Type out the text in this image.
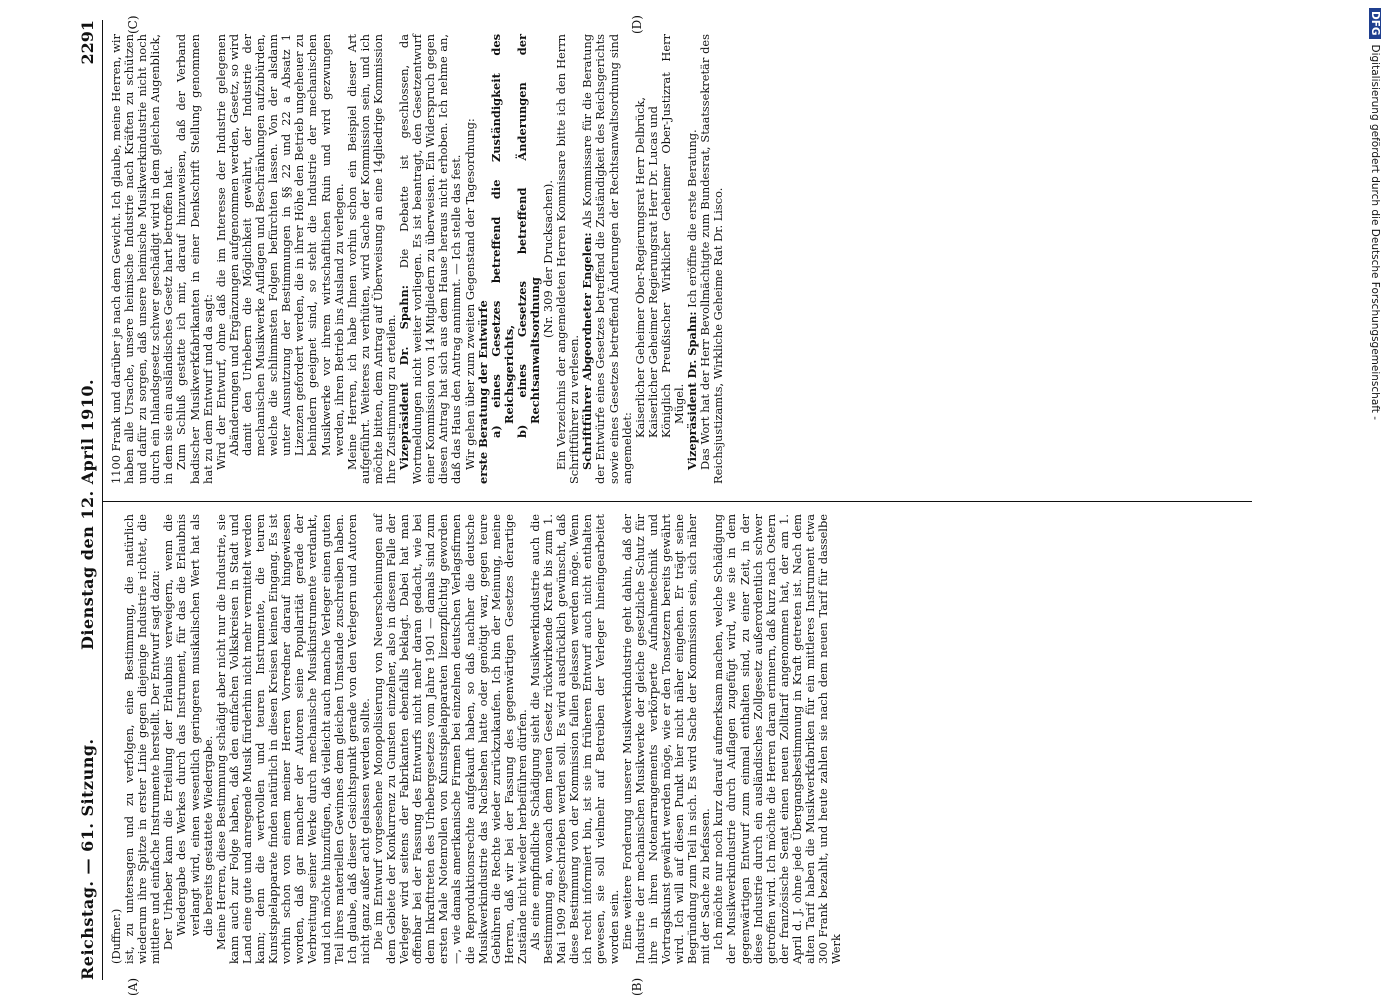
Reichstag. — 61. Sitzung.
Dienstag den 12. April 1910.
2291
(A)	(B)
(C)	(D)

(Duffner.) ist, zu untersagen und zu verfolgen, eine Bestimmung, die natürlich wiederum ihre Spitze in erster Linie gegen diejenige Industrie richtet, die mittlere und einfache Instrumente herstellt. Der Entwurf sagt dazu: Der Urheber kann die Erteilung der Erlaubnis verweigern, wenn die Wiedergabe des Werkes durch das Instrument, für das die Erlaubnis verlangt wird, einen wesentlich geringeren musikalischen Wert hat als die bereits gestattete Wiedergabe. Meine Herren, diese Bestimmung schädigt aber nicht nur die Industrie, sie kann auch zur Folge haben, daß den einfachen Volkskreisen in Stadt und Land eine gute und anregende Musik fürderhin nicht mehr vermittelt werden kann; denn die wertvollen und teuren Instrumente, die teuren Kunstspielapparate finden natürlich in diesen Kreisen keinen Eingang. Es ist vorhin schon von einem meiner Herren Vorredner darauf hingewiesen worden, daß gar mancher der Autoren seine Popularität gerade der Verbreitung seiner Werke durch mechanische Musikinstrumente verdankt, und ich möchte hinzufügen, daß vielleicht auch manche Verleger einen guten Teil ihres materiellen Gewinnes dem gleichen Umstande zuschreiben haben. Ich glaube, daß dieser Gesichtspunkt gerade von den Verlegern und Autoren nicht ganz außer acht gelassen werden sollte. Die im Entwurf vorgesehene Monopolisierung von Neuerscheinungen auf dem Gebiete der Konkurrenz zu Gunsten einzelner, also in diesem Falle der Verleger wird seitens der Fabrikanten ebenfalls beklagt. Dabei hat man offenbar bei der Fassung des Entwurfs nicht mehr daran gedacht, wie bei dem Inkrafttreten des Urhebergesetzes vom Jahre 1901 — damals sind zum ersten Male Notenrollen von Kunstspielapparaten lizenzpflichtig geworden —, wie damals amerikanische Firmen bei einzelnen deutschen Verlagsfirmen die Reproduktionsrechte aufgekauft haben, so daß nachher die deutsche Musikwerkindustrie das Nachsehen hatte oder genötigt war, gegen teure Gebühren die Rechte wieder zurückzukaufen. Ich bin der Meinung, meine Herren, daß wir bei der Fassung des gegenwärtigen Gesetzes derartige Zustände nicht wieder herbeiführen dürfen. Als eine empfindliche Schädigung sieht die Musikwerkindustrie auch die Bestimmung an, wonach dem neuen Gesetz rückwirkende Kraft bis zum 1. Mai 1909 zugeschrieben werden soll. Es wird ausdrücklich gewünscht, daß diese Bestimmung von der Kommission fallen gelassen werden möge. Wenn ich recht informiert bin, ist sie im früheren Entwurf auch nicht enthalten gewesen, sie soll vielmehr auf Betreiben der Verleger hineingearbeitet worden sein. Eine weitere Forderung unserer Musikwerkindustrie geht dahin, daß der Industrie der mechanischen Musikwerke der gleiche gesetzliche Schutz für ihre in ihren Notenarrangements verkörperte Aufnahmetechnik und Vortragskunst gewährt werden möge, wie er den Tonsetzern bereits gewährt wird. Ich will auf diesen Punkt hier nicht näher eingehen. Er trägt seine Begründung zum Teil in sich. Es wird Sache der Kommission sein, sich näher mit der Sache zu befassen. Ich möchte nur noch kurz darauf aufmerksam machen, welche Schädigung der Musikwerkindustrie durch Auflagen zugefügt wird, wie sie in dem gegenwärtigen Entwurf zum einmal enthalten sind, zu einer Zeit, in der diese Industrie durch ein ausländisches Zollgesetz außerordentlich schwer getroffen wird. Ich möchte die Herren daran erinnern, daß kurz nach Ostern der französische Senat einen neuen Zolltarif angenommen hat, der am 1. April d. J. ohne jede Übergangsbestimmung in Kraft getreten ist. Nach dem alten Tarif haben die Musikwerkfabriken für ein mittleres Instrument etwa 300 Frank bezahlt, und heute zahlen sie nach dem neuen Tarif für dasselbe Werk

1100 Frank und darüber je nach dem Gewicht. Ich glaube, meine Herren, wir haben alle Ursache, unsere heimische Industrie nach Kräften zu schützen und dafür zu sorgen, daß unsere heimische Musikwerkindustrie nicht noch durch ein Inlandsgesetz schwer geschädigt wird in dem gleichen Augenblick, in dem sie ein ausländisches Gesetz hart betroffen hat. Zum Schluß gestatte ich mir, darauf hinzuweisen, daß der Verband badischer Musikwerkfabrikanten in einer Denkschrift Stellung genommen hat zu dem Entwurf und da sagt: Wird der Entwurf, ohne daß die im Interesse der Industrie gelegenen Abänderungen und Ergänzungen aufgenommen werden, Gesetz, so wird damit den Urhebern die Möglichkeit gewährt, der Industrie der mechanischen Musikwerke Auflagen und Beschränkungen aufzubürden, welche die schlimmsten Folgen befürchten lassen. Von der alsdann unter Ausnutzung der Bestimmungen in §§ 22 und 22 a Absatz 1 Lizenzen gefordert werden, die in ihrer Höhe den Betrieb ungeheuer zu behindern geeignet sind, so steht die Industrie der mechanischen Musikwerke vor ihrem wirtschaftlichen Ruin und wird gezwungen werden, ihren Betrieb ins Ausland zu verlegen. Meine Herren, ich habe Ihnen vorhin schon ein Beispiel dieser Art aufgeführt. Weiteres zu verhüten, wird Sache der Kommission sein, und ich möchte bitten, dem Antrag auf Überweisung an eine 14gliedrige Kommission Ihre Zustimmung zu erteilen. Vizepräsident Dr. Spahn: Die Debatte ist geschlossen, da Wortmeldungen nicht weiter vorliegen. Es ist beantragt, den Gesetzentwurf einer Kommission von 14 Mitgliedern zu überweisen. Ein Widerspruch gegen diesen Antrag hat sich aus dem Hause heraus nicht erhoben. Ich nehme an, daß das Haus den Antrag annimmt. — Ich stelle das fest. Wir gehen über zum zweiten Gegenstand der Tagesordnung: erste Beratung der Entwürfe a) eines Gesetzes betreffend die Zuständigkeit des Reichsgerichts, b) eines Gesetzes betreffend Änderungen der Rechtsanwaltsordnung

(Nr. 309 der Drucksachen). Ein Verzeichnis der angemeldeten Herren Kommissare bitte ich den Herrn Schriftführer zu verlesen. Schriftführer Abgeordneter Engelen: Als Kommissare für die Beratung der Entwürfe eines Gesetzes betreffend die Zuständigkeit des Reichsgerichts sowie eines Gesetzes betreffend Änderungen der Rechtsanwaltsordnung sind angemeldet:

Kaiserlicher Geheimer Ober-Regierungsrat Herr Delbrück, Kaiserlicher Geheimer Regierungsrat Herr Dr. Lucas und Königlich Preußischer Wirklicher Geheimer Ober-Justizrat Herr Mügel. Vizepräsident Dr. Spahn: Ich eröffne die erste Beratung. Das Wort hat der Herr Bevollmächtigte zum Bundesrat, Staatssekretär des Reichsjustizamts, Wirkliche Geheime Rat Dr. Lisco.

DFGDigitalisierung gefördert durch die Deutsche Forschungsgemeinschaft -
